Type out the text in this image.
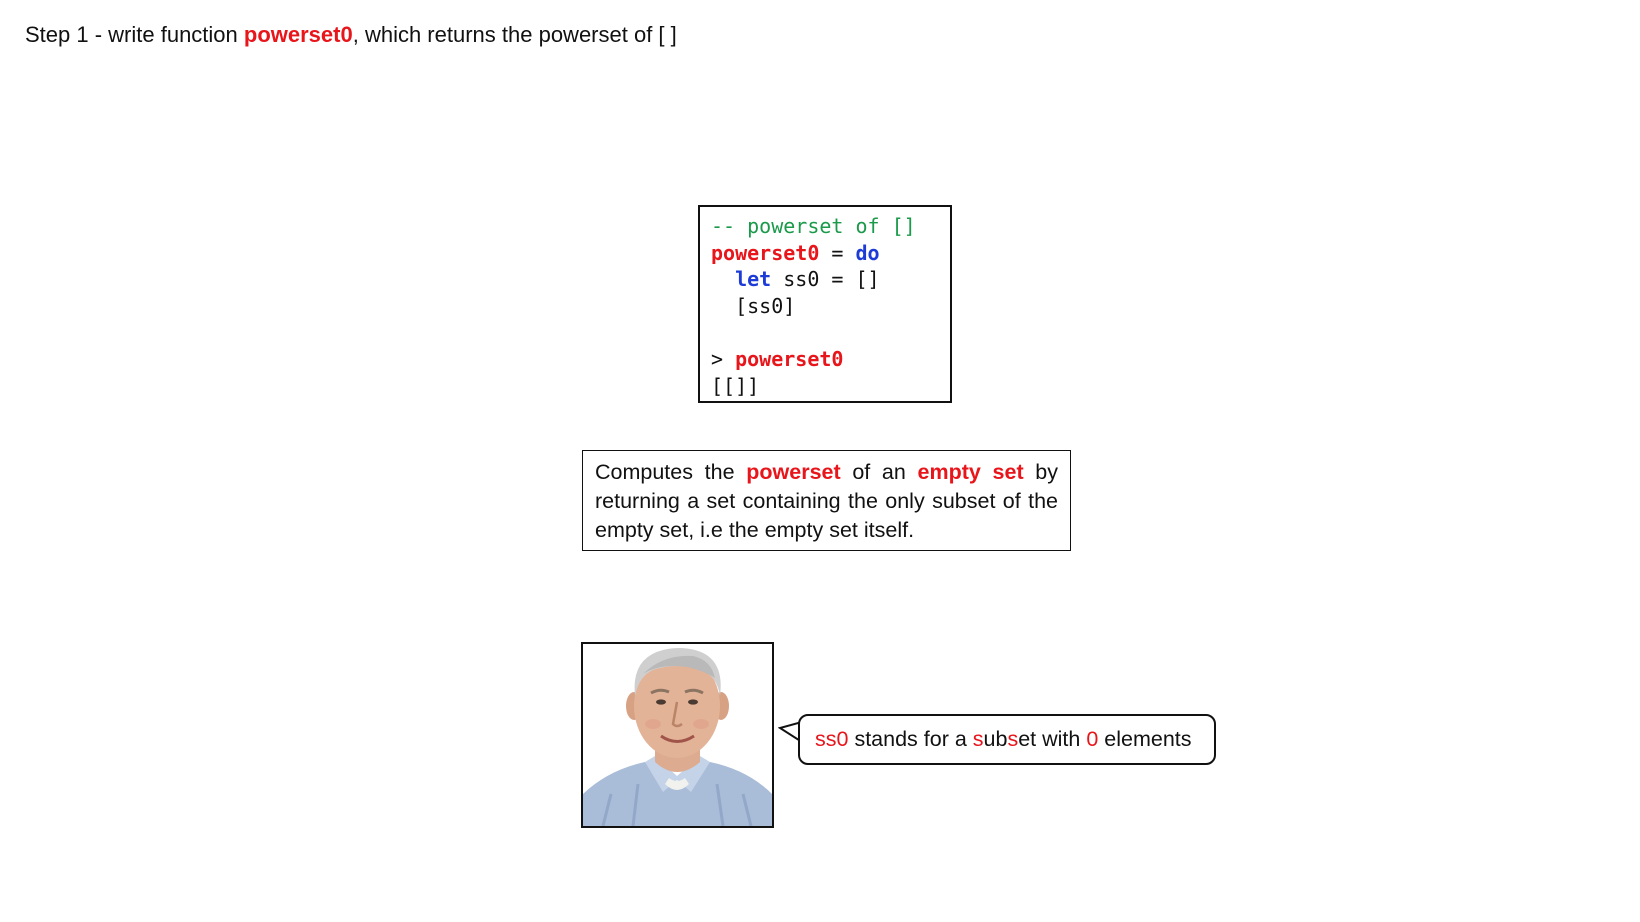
Step 1 - write function powerset0, which returns the powerset of [ ]
-- powerset of []
powerset0 = do
let ss0 = []
[ss0]
> powerset0
[[]]
Computes the powerset of an empty set by returning a set containing the only subset of the empty set, i.e the empty set itself.
ss0 stands for a subset with 0 elements
